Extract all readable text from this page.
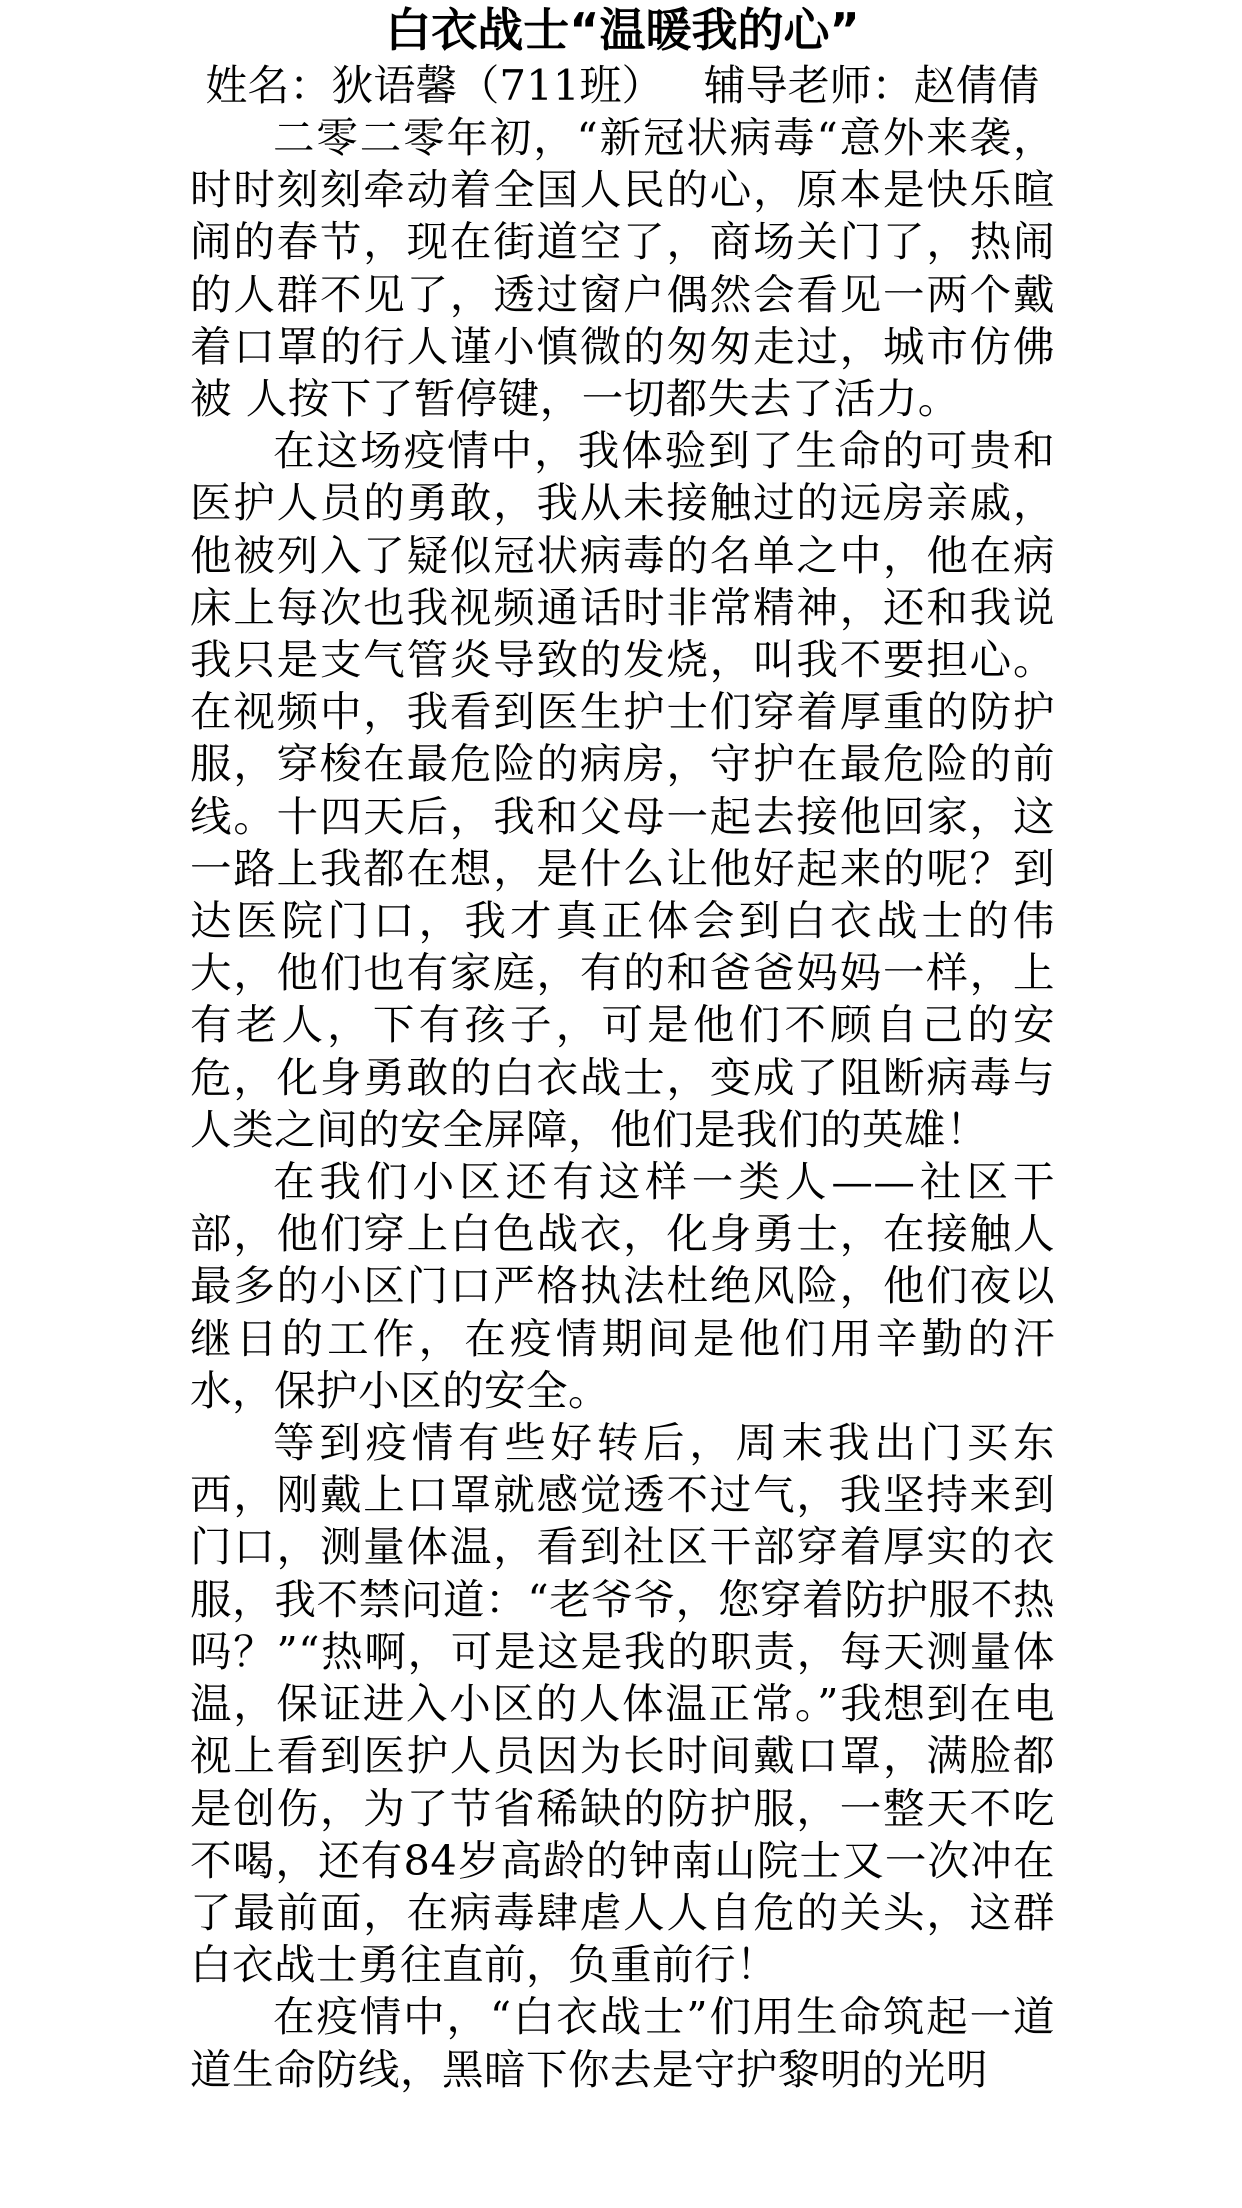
白衣战士“温暖我的心”

姓名：狄语馨（711班）   辅导老师：赵倩倩

二零二零年初，“新冠状病毒“意外来袭，时时刻刻牵动着全国人民的心，原本是快乐暄闹的春节，现在街道空了，商场关门了，热闹的人群不见了，透过窗户偶然会看见一两个戴着口罩的行人谨小慎微的匆匆走过，城市仿佛被 人按下了暂停键，一切都失去了活力。

在这场疫情中，我体验到了生命的可贵和医护人员的勇敢，我从未接触过的远房亲戚，他被列入了疑似冠状病毒的名单之中，他在病床上每次也我视频通话时非常精神，还和我说我只是支气管炎导致的发烧，叫我不要担心。在视频中，我看到医生护士们穿着厚重的防护服，穿梭在最危险的病房，守护在最危险的前线。十四天后，我和父母一起去接他回家，这一路上我都在想，是什么让他好起来的呢？到达医院门口，我才真正体会到白衣战士的伟大，他们也有家庭，有的和爸爸妈妈一样，上有老人，下有孩子，可是他们不顾自己的安危，化身勇敢的白衣战士，变成了阻断病毒与人类之间的安全屏障，他们是我们的英雄！

在我们小区还有这样一类人——社区干部，他们穿上白色战衣，化身勇士，在接触人最多的小区门口严格执法杜绝风险，他们夜以继日的工作，在疫情期间是他们用辛勤的汗水，保护小区的安全。

等到疫情有些好转后，周末我出门买东西，刚戴上口罩就感觉透不过气，我坚持来到门口，测量体温，看到社区干部穿着厚实的衣服，我不禁问道：“老爷爷，您穿着防护服不热吗？”“热啊，可是这是我的职责，每天测量体温，保证进入小区的人体温正常。”我想到在电视上看到医护人员因为长时间戴口罩，满脸都是创伤，为了节省稀缺的防护服，一整天不吃不喝，还有84岁高龄的钟南山院士又一次冲在了最前面，在病毒肆虐人人自危的关头，这群白衣战士勇往直前，负重前行！

在疫情中，“白衣战士”们用生命筑起一道道生命防线，黑暗下你去是守护黎明的光明
